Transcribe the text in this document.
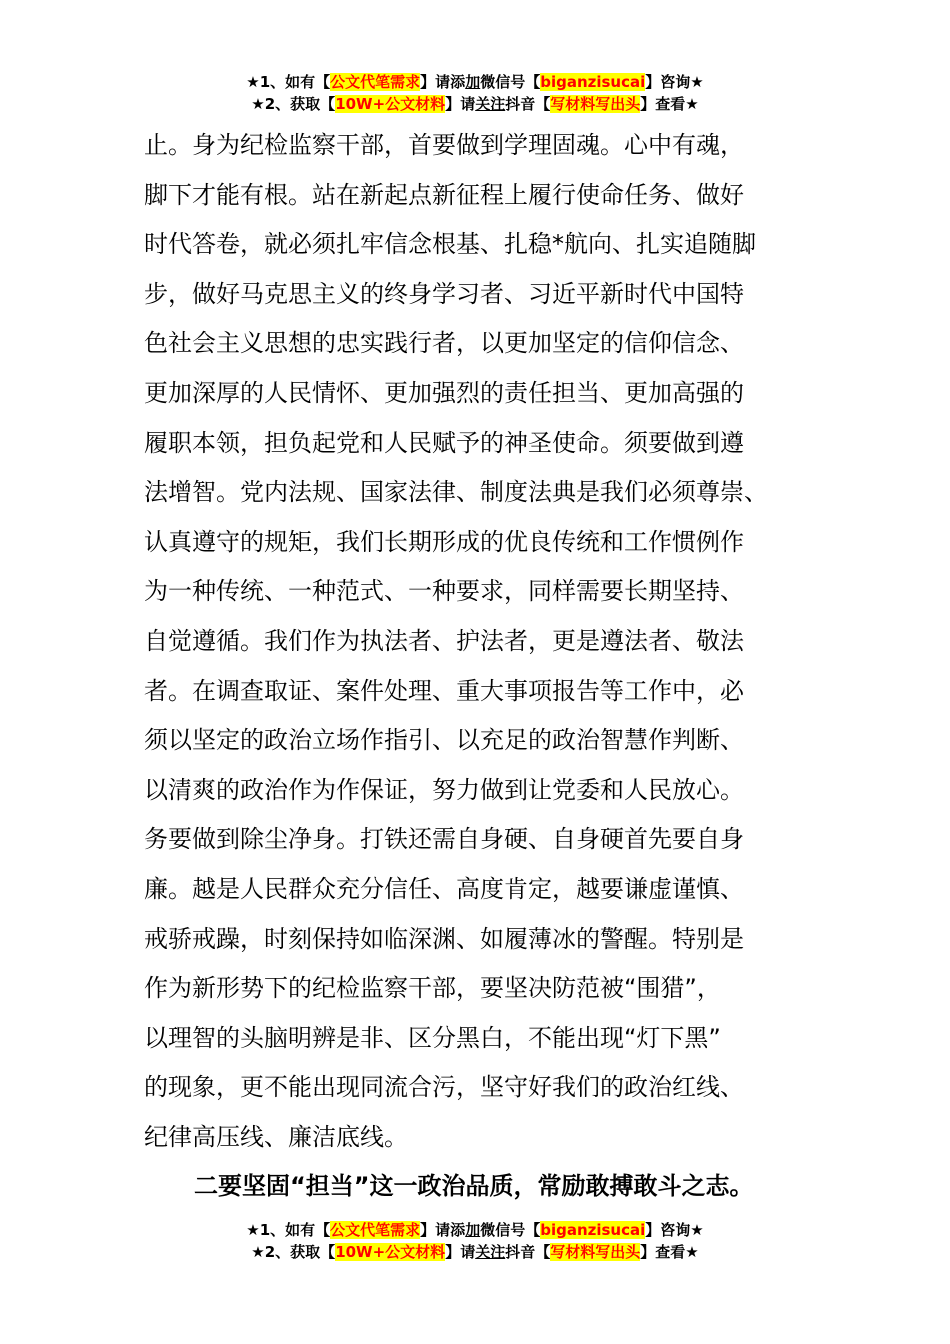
★1、如有【公文代笔需求】请添加微信号【biganzisucai】咨询★
★2、获取【10W+公文材料】请关注抖音【写材料写出头】查看★
止。身为纪检监察干部，首要做到学理固魂。心中有魂，
脚下才能有根。站在新起点新征程上履行使命任务、做好
时代答卷，就必须扎牢信念根基、扎稳*航向、扎实追随脚
步，做好马克思主义的终身学习者、习近平新时代中国特
色社会主义思想的忠实践行者，以更加坚定的信仰信念、
更加深厚的人民情怀、更加强烈的责任担当、更加高强的
履职本领，担负起党和人民赋予的神圣使命。须要做到遵
法增智。党内法规、国家法律、制度法典是我们必须尊崇、
认真遵守的规矩，我们长期形成的优良传统和工作惯例作
为一种传统、一种范式、一种要求，同样需要长期坚持、
自觉遵循。我们作为执法者、护法者，更是遵法者、敬法
者。在调查取证、案件处理、重大事项报告等工作中，必
须以坚定的政治立场作指引、以充足的政治智慧作判断、
以清爽的政治作为作保证，努力做到让党委和人民放心。
务要做到除尘净身。打铁还需自身硬、自身硬首先要自身
廉。越是人民群众充分信任、高度肯定，越要谦虚谨慎、
戒骄戒躁，时刻保持如临深渊、如履薄冰的警醒。特别是
作为新形势下的纪检监察干部，要坚决防范被“围猎”，
以理智的头脑明辨是非、区分黑白，不能出现“灯下黑”
的现象，更不能出现同流合污，坚守好我们的政治红线、
纪律高压线、廉洁底线。
二要坚固“担当”这一政治品质，常励敢搏敢斗之志。
★1、如有【公文代笔需求】请添加微信号【biganzisucai】咨询★
★2、获取【10W+公文材料】请关注抖音【写材料写出头】查看★
